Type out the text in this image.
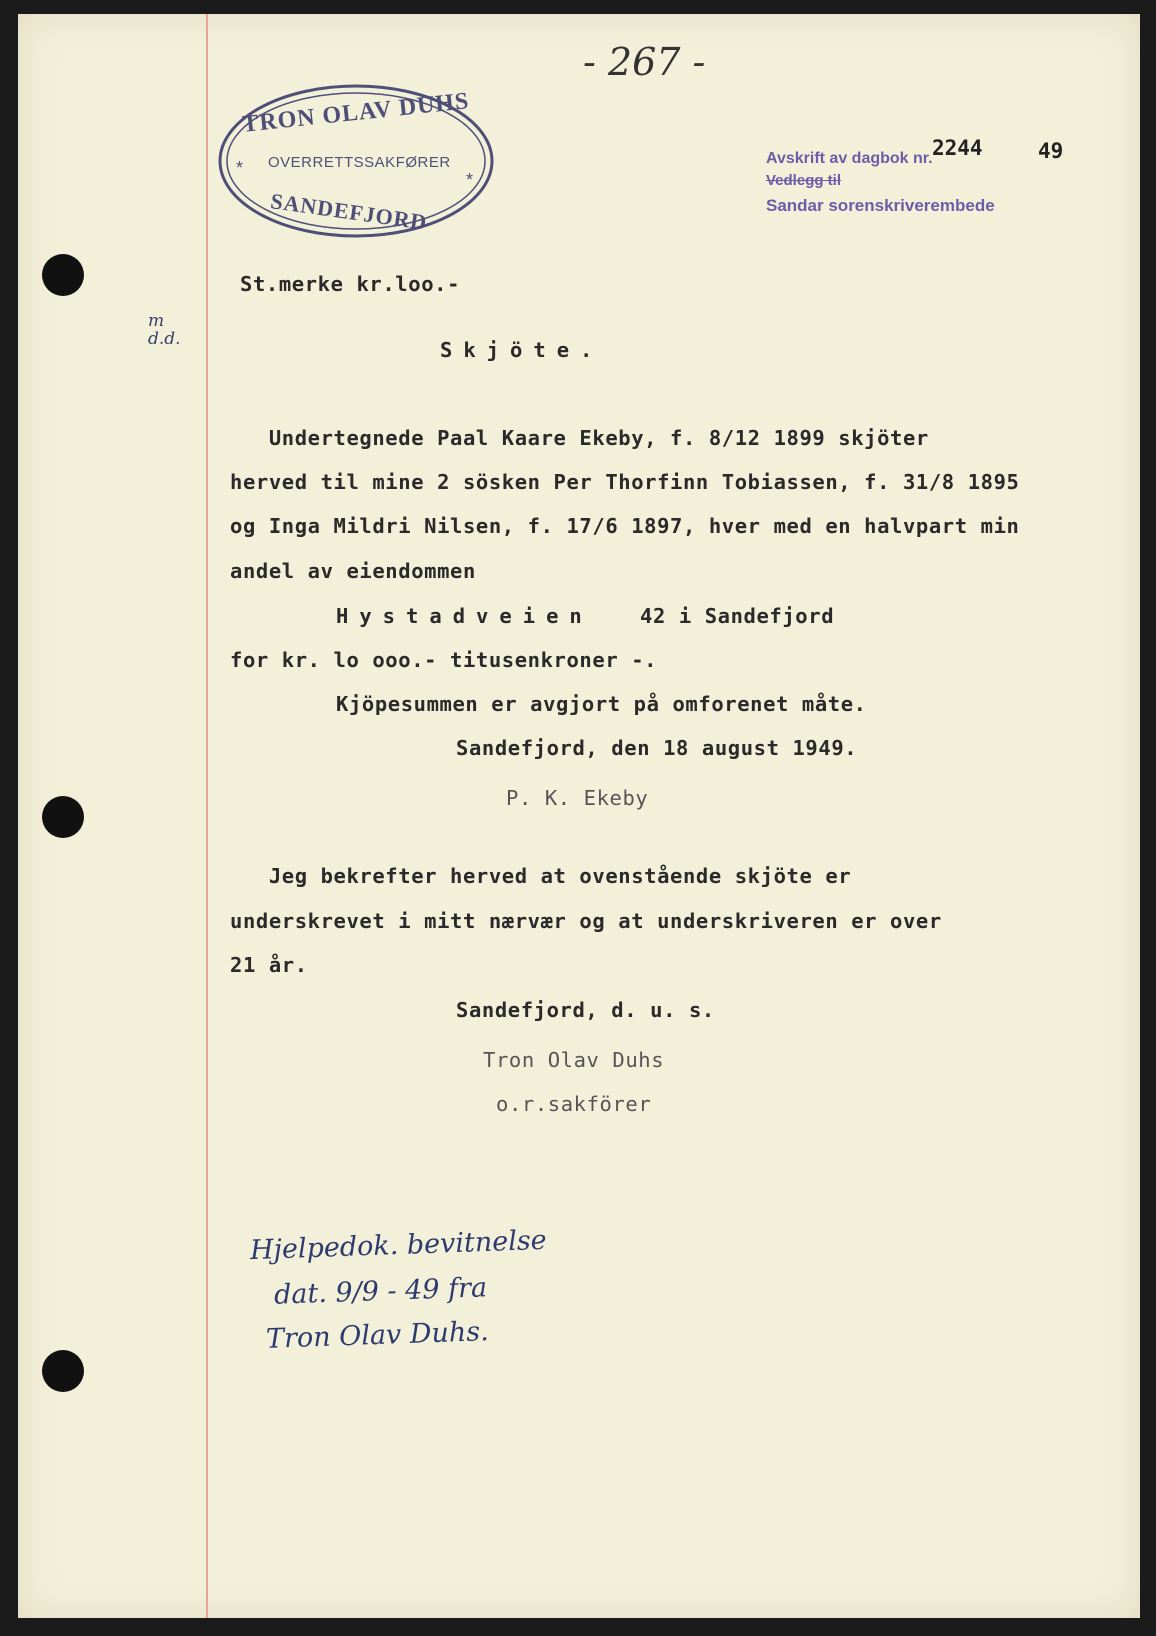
- 267 -
*
*
TRON OLAV DUHS
OVERRETTSSAKFØRER
SANDEFJORD
Avskrift av dagbok nr.
Vedlegg til
Sandar sorenskriverembede
2244	49
m
d.d.
St.merke kr.loo.-
Skjöte.
Undertegnede Paal Kaare Ekeby, f. 8/12 1899 skjöter
herved til mine 2 sösken Per Thorfinn Tobiassen, f. 31/8 1895
og Inga Mildri Nilsen, f. 17/6 1897, hver med en halvpart min
andel av eiendommen
Hystadveien 42 i Sandefjord
for kr. lo ooo.- titusenkroner -.
Kjöpesummen er avgjort på omforenet måte.
Sandefjord, den 18 august 1949.
P. K. Ekeby
Jeg bekrefter herved at ovenstående skjöte er
underskrevet i mitt nærvær og at underskriveren er over
21 år.
Sandefjord, d. u. s.
Tron Olav Duhs
o.r.sakförer
Hjelpedok. bevitnelse
dat. 9/9 - 49 fra
Tron Olav Duhs.
